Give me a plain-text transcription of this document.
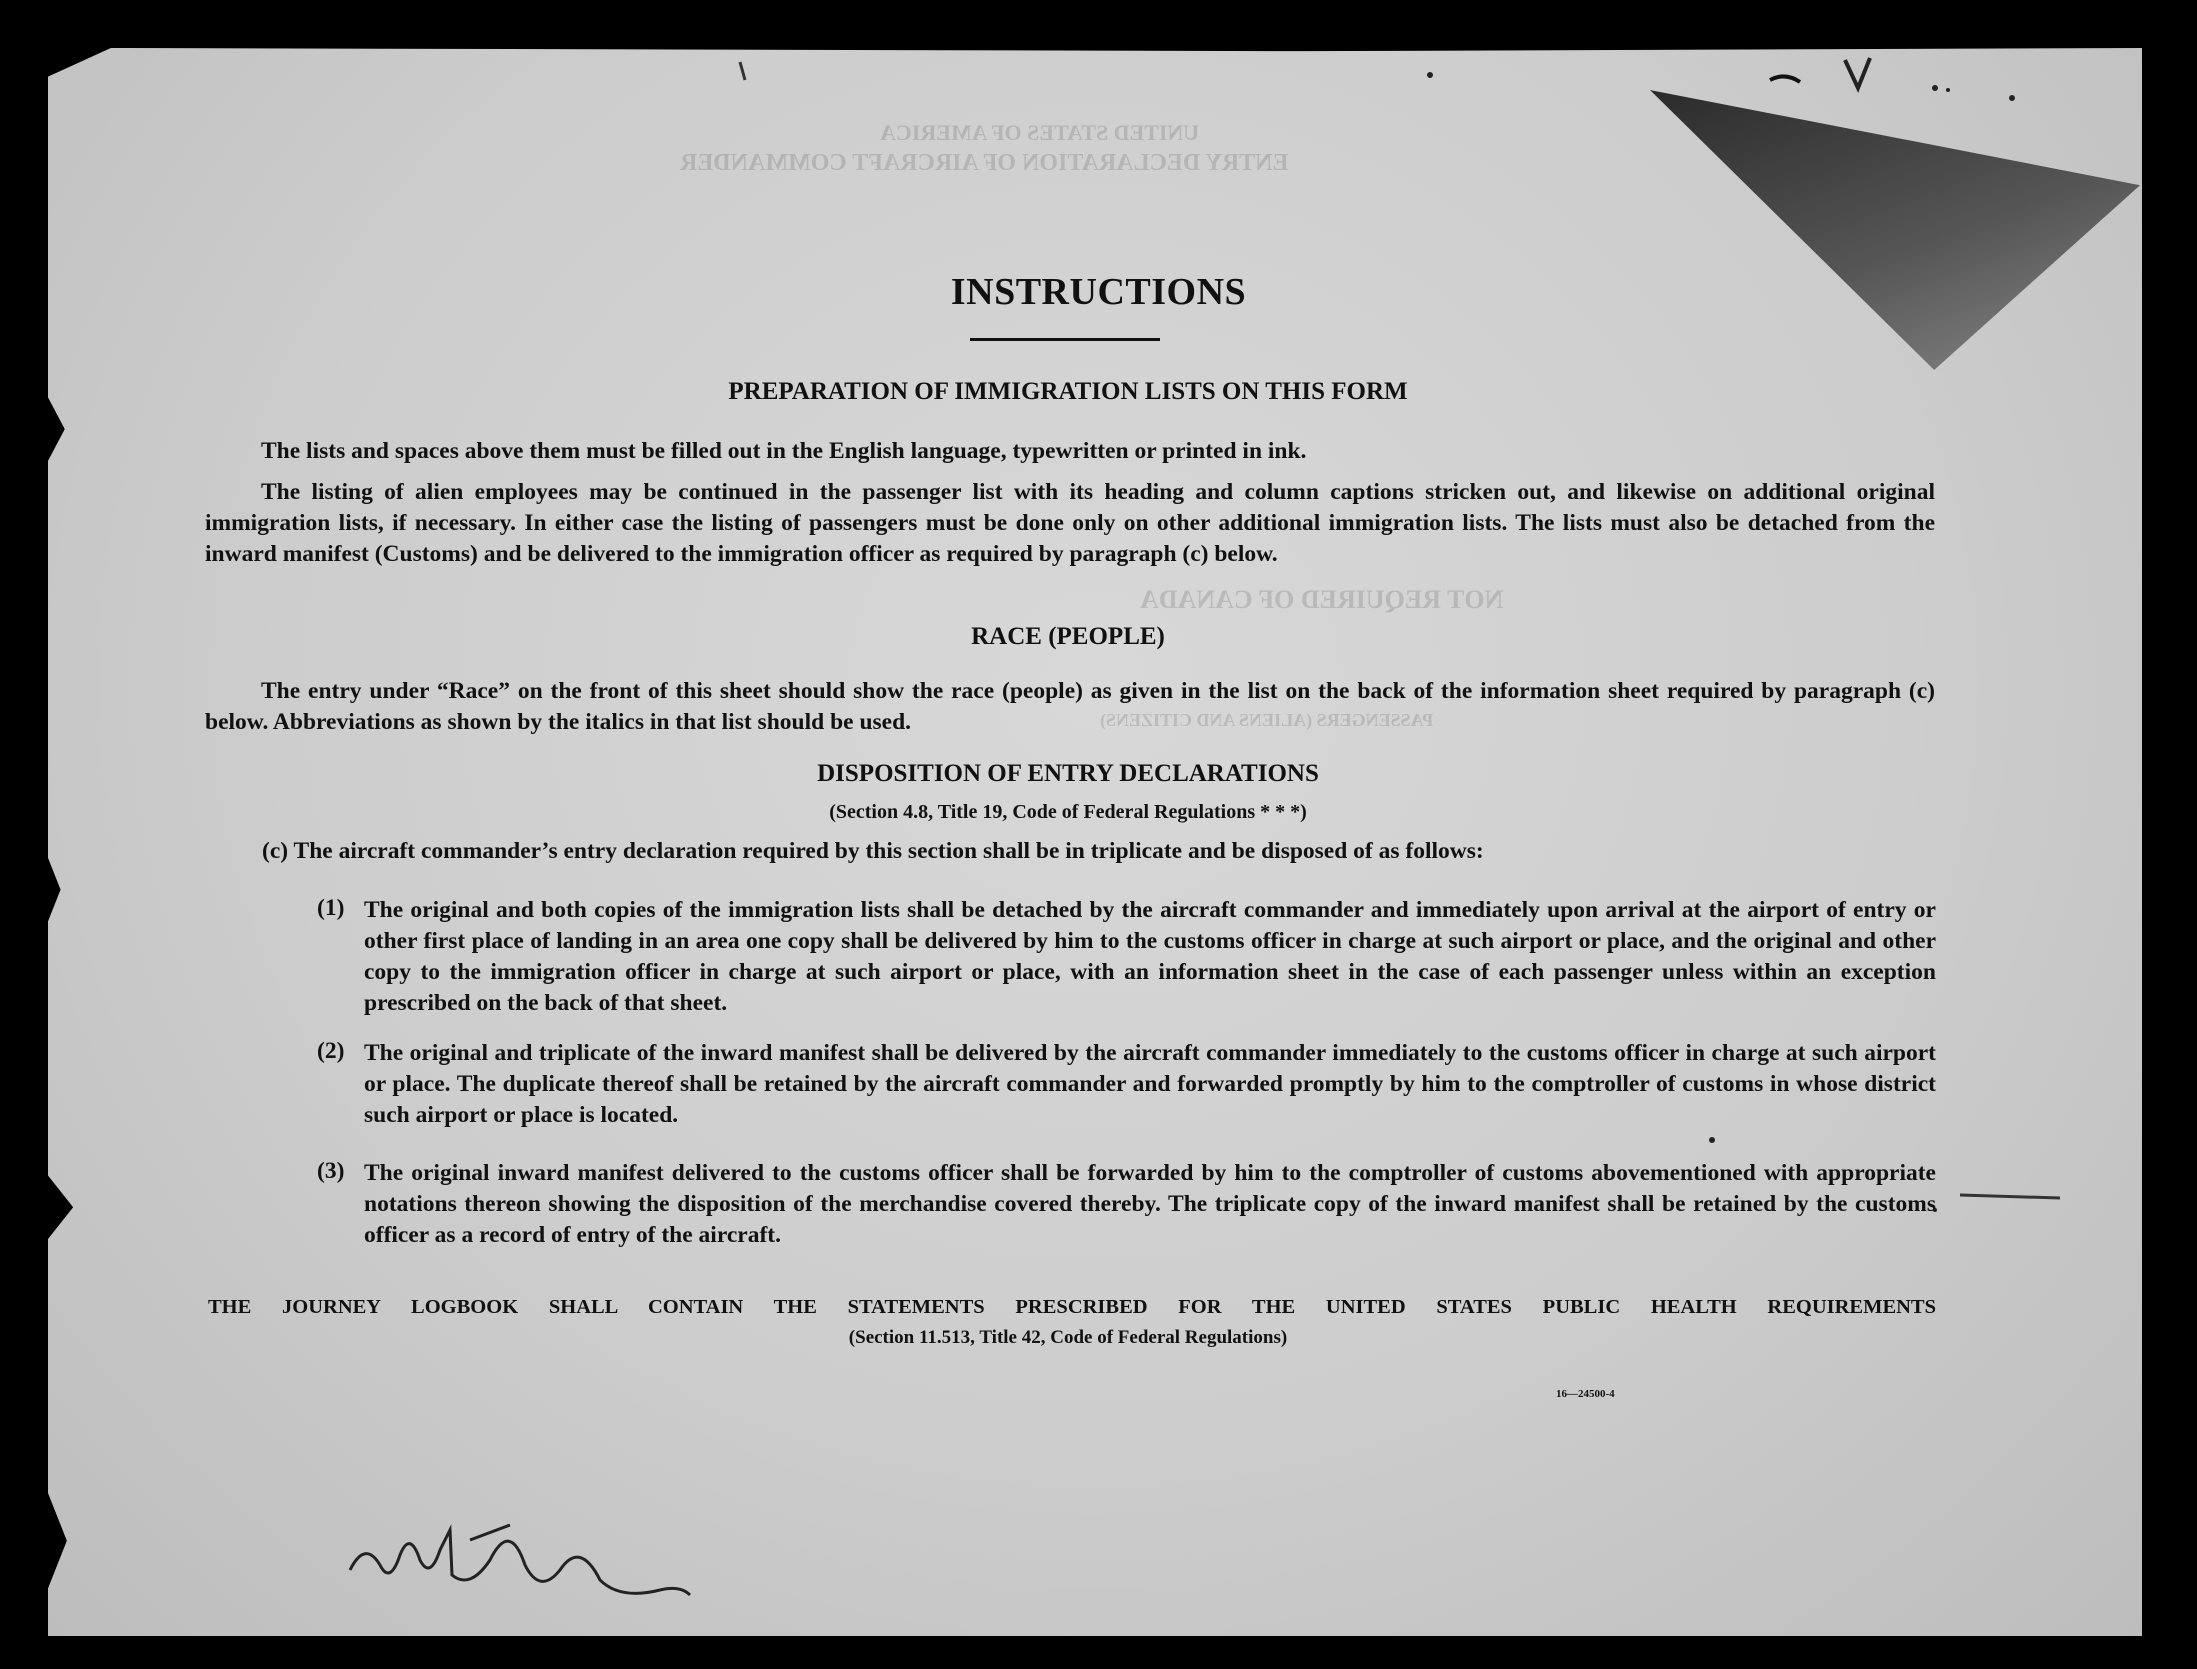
UNITED STATES OF AMERICA
ENTRY DECLARATION OF AIRCRAFT COMMANDER
NOT REQUIRED OF CANADA
PASSENGERS (ALIENS AND CITIZENS)
INSTRUCTIONS
PREPARATION OF IMMIGRATION LISTS ON THIS FORM
The lists and spaces above them must be filled out in the English language, typewritten or printed in ink.
The listing of alien employees may be continued in the passenger list with its heading and column captions stricken out, and likewise on additional original immigration lists, if necessary. In either case the listing of passengers must be done only on other additional immigration lists. The lists must also be detached from the inward manifest (Customs) and be delivered to the immigration officer as required by paragraph (c) below.
RACE (PEOPLE)
The entry under “Race” on the front of this sheet should show the race (people) as given in the list on the back of the information sheet required by paragraph (c) below. Abbreviations as shown by the italics in that list should be used.
DISPOSITION OF ENTRY DECLARATIONS
(Section 4.8, Title 19, Code of Federal Regulations * * *)
(c) The aircraft commander’s entry declaration required by this section shall be in triplicate and be disposed of as follows:
(1) The original and both copies of the immigration lists shall be detached by the aircraft commander and immediately upon arrival at the airport of entry or other first place of landing in an area one copy shall be delivered by him to the customs officer in charge at such airport or place, and the original and other copy to the immigration officer in charge at such airport or place, with an information sheet in the case of each passenger unless within an exception prescribed on the back of that sheet.
(2) The original and triplicate of the inward manifest shall be delivered by the aircraft commander immediately to the customs officer in charge at such airport or place. The duplicate thereof shall be retained by the aircraft commander and forwarded promptly by him to the comptroller of customs in whose district such airport or place is located.
(3) The original inward manifest delivered to the customs officer shall be forwarded by him to the comptroller of customs abovementioned with appropriate notations thereon showing the disposition of the merchandise covered thereby. The triplicate copy of the inward manifest shall be retained by the customs officer as a record of entry of the aircraft.
THE JOURNEY LOGBOOK SHALL CONTAIN THE STATEMENTS PRESCRIBED FOR THE UNITED STATES PUBLIC HEALTH REQUIREMENTS
(Section 11.513, Title 42, Code of Federal Regulations)
16—24500-4
